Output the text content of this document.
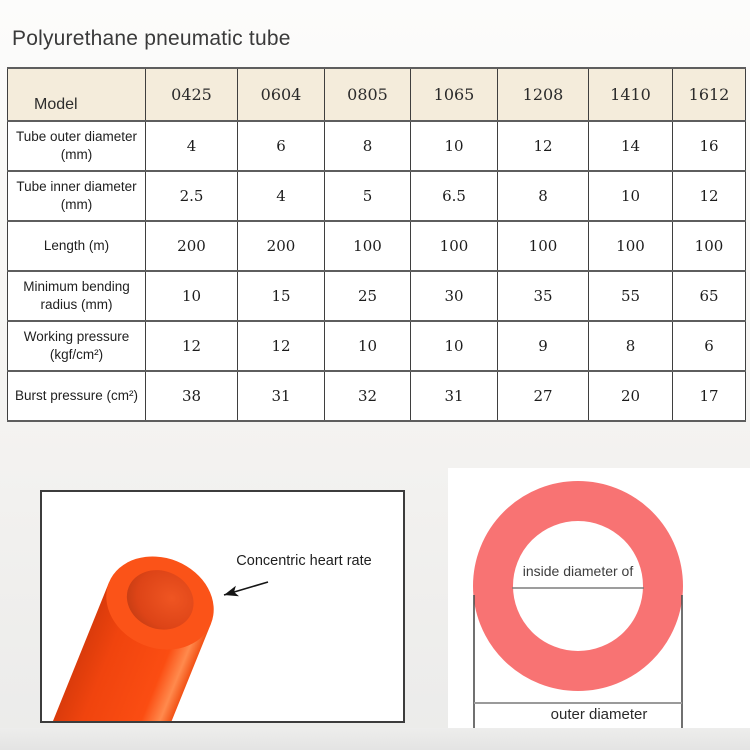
Polyurethane pneumatic tube
Model	0425	0604	0805	1065	1208	1410	1612
Tube outer diameter (mm)	4	6	8	10	12	14	16
Tube inner diameter (mm)	2.5	4	5	6.5	8	10	12
Length (m)	200	200	100	100	100	100	100
Minimum bending radius (mm)	10	15	25	30	35	55	65
Working pressure (kgf/cm²)	12	12	10	10	9	8	6
Burst pressure (cm²)	38	31	32	31	27	20	17
Concentric heart rate
inside diameter of
outer diameter
